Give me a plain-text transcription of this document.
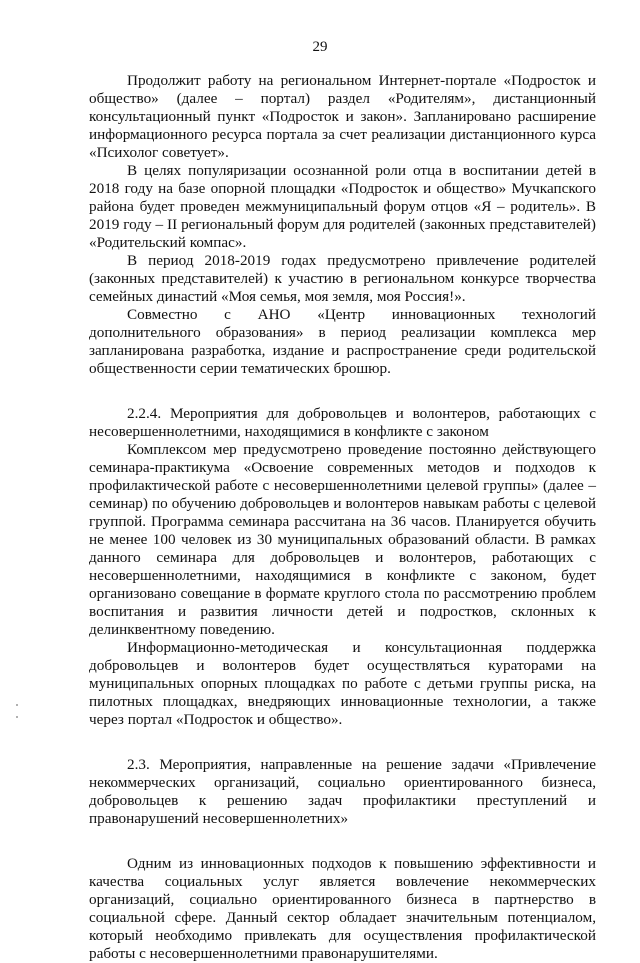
29

Продолжит работу на региональном Интернет-портале «Подросток и общество» (далее – портал) раздел «Родителям», дистанционный консультационный пункт «Подросток и закон». Запланировано расширение информационного ресурса портала за счет реализации дистанционного курса «Психолог советует».

В целях популяризации осознанной роли отца в воспитании детей в 2018 году на базе опорной площадки «Подросток и общество» Мучкапского района будет проведен межмуниципальный форум отцов «Я – родитель». В 2019 году – II региональный форум для родителей (законных представителей) «Родительский компас».

В период 2018-2019 годах предусмотрено привлечение родителей (законных представителей) к участию в региональном конкурсе творчества семейных династий «Моя семья, моя земля, моя Россия!».

Совместно с АНО «Центр инновационных технологий дополнительного образования» в период реализации комплекса мер запланирована разработка, издание и распространение среди родительской общественности серии тематических брошюр.

2.2.4. Мероприятия для добровольцев и волонтеров, работающих с несовершеннолетними, находящимися в конфликте с законом

Комплексом мер предусмотрено проведение постоянно действующего семинара-практикума «Освоение современных методов и подходов к профилактической работе с несовершеннолетними целевой группы» (далее – семинар) по обучению добровольцев и волонтеров навыкам работы с целевой группой. Программа семинара рассчитана на 36 часов. Планируется обучить не менее 100 человек из 30 муниципальных образований области. В рамках данного семинара для добровольцев и волонтеров, работающих с несовершеннолетними, находящимися в конфликте с законом, будет организовано совещание в формате круглого стола по рассмотрению проблем воспитания и развития личности детей и подростков, склонных к делинквентному поведению.

Информационно-методическая и консультационная поддержка добровольцев и волонтеров будет осуществляться кураторами на муниципальных опорных площадках по работе с детьми группы риска, на пилотных площадках, внедряющих инновационные технологии, а также через портал «Подросток и общество».

2.3. Мероприятия, направленные на решение задачи «Привлечение некоммерческих организаций, социально ориентированного бизнеса, добровольцев к решению задач профилактики преступлений и правонарушений несовершеннолетних»

Одним из инновационных подходов к повышению эффективности и качества социальных услуг является вовлечение некоммерческих организаций, социально ориентированного бизнеса в партнерство в социальной сфере. Данный сектор обладает значительным потенциалом, который необходимо привлекать для осуществления профилактической работы с несовершеннолетними правонарушителями.
